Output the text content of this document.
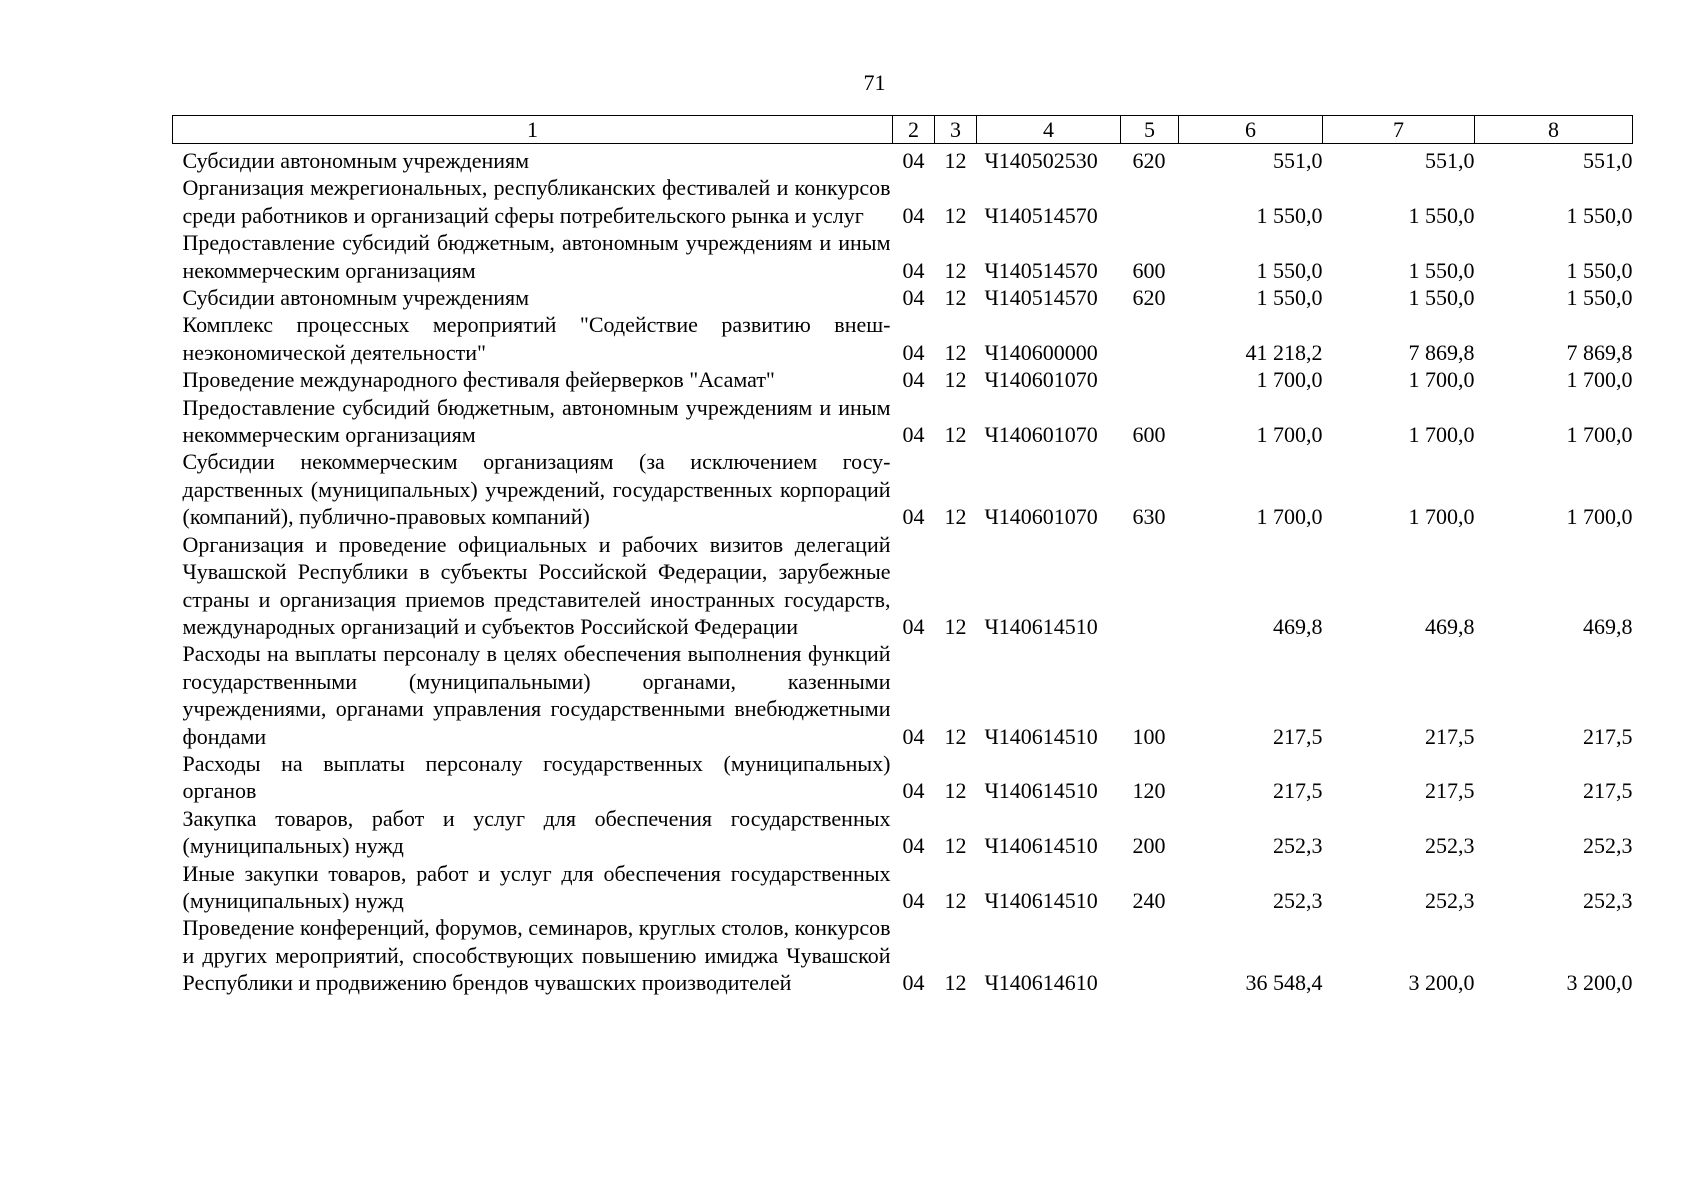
71
1	2	3	4	5	6	7	8
Субсидии автономным учреждениям	04	12	Ч140502530	620	551,0	551,0	551,0
Организация межрегиональных, республиканских фестивалей и конкурсов среди работников и организаций сферы потребительского рынка и услуг	04	12	Ч140514570		1 550,0	1 550,0	1 550,0
Предоставление субсидий бюджетным, автономным учреждениям и иным некоммерческим организациям	04	12	Ч140514570	600	1 550,0	1 550,0	1 550,0
Субсидии автономным учреждениям	04	12	Ч140514570	620	1 550,0	1 550,0	1 550,0
Комплекс процессных мероприятий "Содействие развитию внешнеэкономической деятельности"	04	12	Ч140600000		41 218,2	7 869,8	7 869,8
Проведение международного фестиваля фейерверков "Асамат"	04	12	Ч140601070		1 700,0	1 700,0	1 700,0
Предоставление субсидий бюджетным, автономным учреждениям и иным некоммерческим организациям	04	12	Ч140601070	600	1 700,0	1 700,0	1 700,0
Субсидии некоммерческим организациям (за исключением государственных (муниципальных) учреждений, государственных корпораций (компаний), публично-правовых компаний)	04	12	Ч140601070	630	1 700,0	1 700,0	1 700,0
Организация и проведение официальных и рабочих визитов делегаций Чувашской Республики в субъекты Российской Федерации, зарубежные страны и организация приемов представителей иностранных государств, международных организаций и субъектов Российской Федерации	04	12	Ч140614510		469,8	469,8	469,8
Расходы на выплаты персоналу в целях обеспечения выполнения функций государственными (муниципальными) органами, казенными учреждениями, органами управления государственными внебюджетными фондами	04	12	Ч140614510	100	217,5	217,5	217,5
Расходы на выплаты персоналу государственных (муниципальных) органов	04	12	Ч140614510	120	217,5	217,5	217,5
Закупка товаров, работ и услуг для обеспечения государственных (муниципальных) нужд	04	12	Ч140614510	200	252,3	252,3	252,3
Иные закупки товаров, работ и услуг для обеспечения государственных (муниципальных) нужд	04	12	Ч140614510	240	252,3	252,3	252,3
Проведение конференций, форумов, семинаров, круглых столов, конкурсов и других мероприятий, способствующих повышению имиджа Чувашской Республики и продвижению брендов чувашских производителей	04	12	Ч140614610		36 548,4	3 200,0	3 200,0
